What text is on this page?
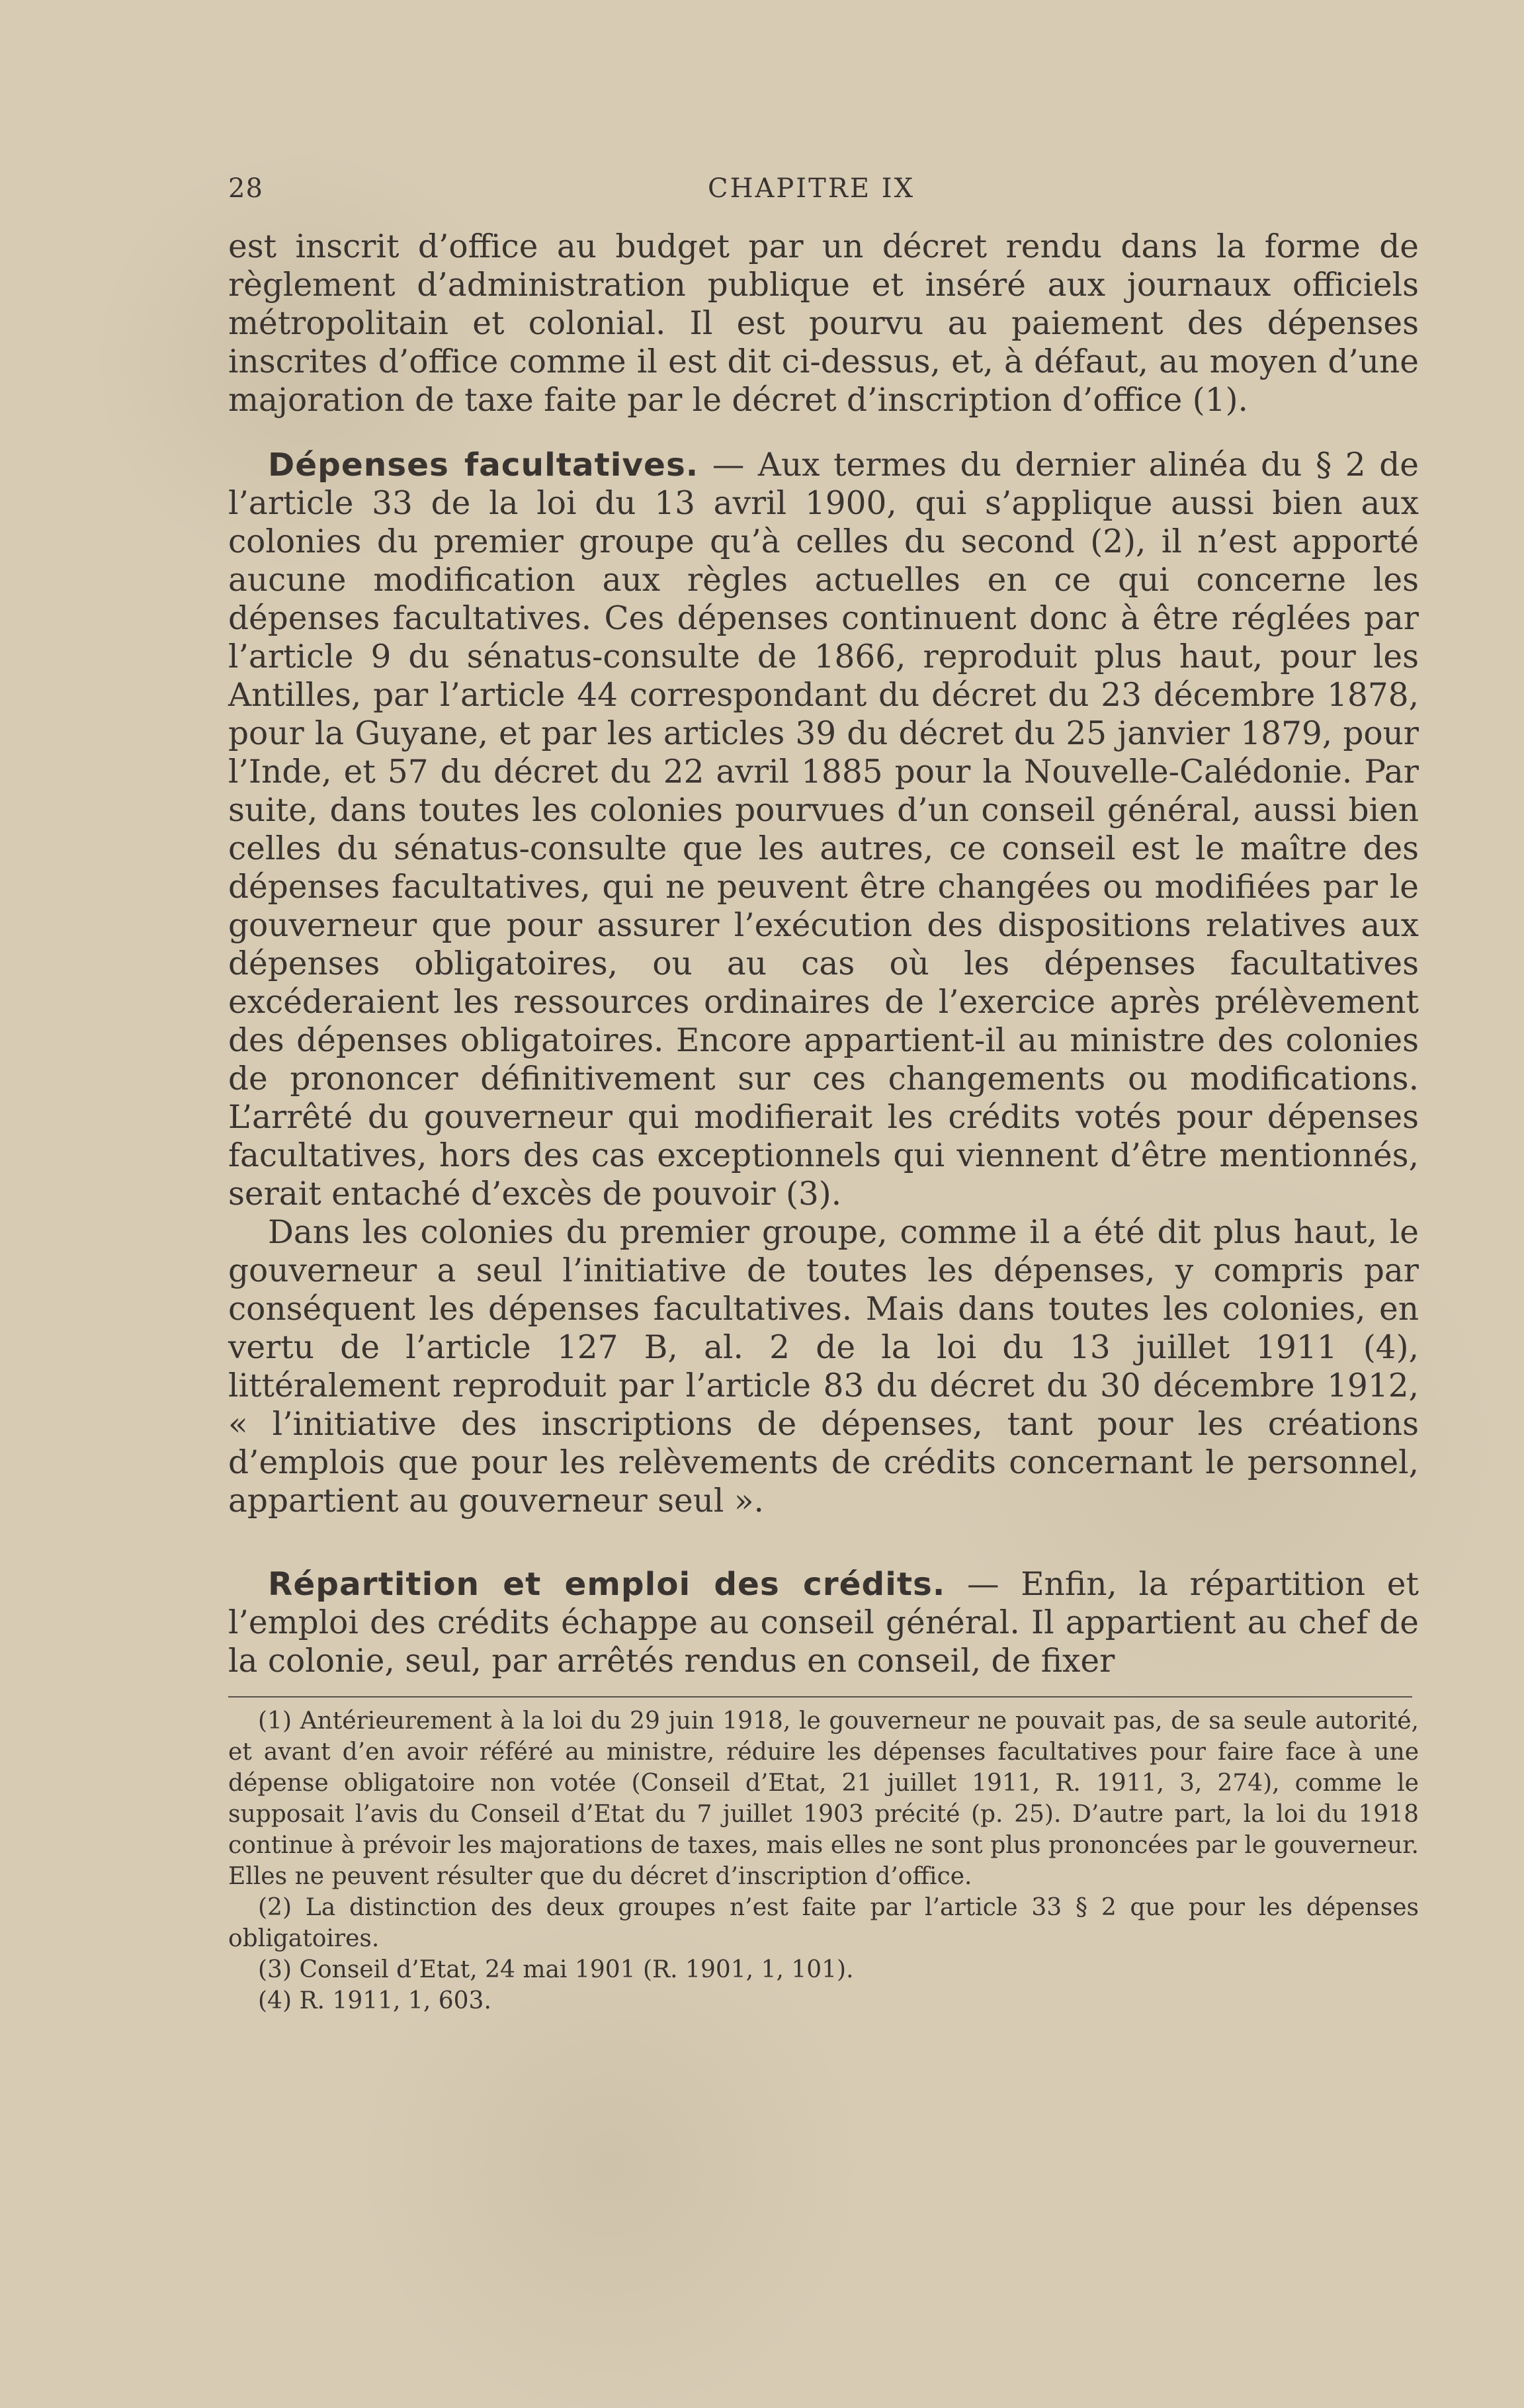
28	CHAPITRE IX

est inscrit d’office au budget par un décret rendu dans la forme de règlement d’administration publique et inséré aux journaux officiels métropolitain et colonial. Il est pourvu au paiement des dépenses inscrites d’office comme il est dit ci-dessus, et, à défaut, au moyen d’une majoration de taxe faite par le décret d’inscription d’office (1).

Dépenses facultatives. — Aux termes du dernier alinéa du § 2 de l’article 33 de la loi du 13 avril 1900, qui s’applique aussi bien aux colonies du premier groupe qu’à celles du second (2), il n’est apporté aucune modification aux règles actuelles en ce qui concerne les dépenses facultatives. Ces dépenses continuent donc à être réglées par l’article 9 du sénatus-consulte de 1866, reproduit plus haut, pour les Antilles, par l’article 44 correspondant du décret du 23 décembre 1878, pour la Guyane, et par les articles 39 du décret du 25 janvier 1879, pour l’Inde, et 57 du décret du 22 avril 1885 pour la Nouvelle-Calédonie. Par suite, dans toutes les colonies pourvues d’un conseil général, aussi bien celles du sénatus-consulte que les autres, ce conseil est le maître des dépenses facultatives, qui ne peuvent être changées ou modifiées par le gouverneur que pour assurer l’exécution des dispositions relatives aux dépenses obligatoires, ou au cas où les dépenses facultatives excéderaient les ressources ordinaires de l’exercice après prélèvement des dépenses obligatoires. Encore appartient-il au ministre des colonies de prononcer définitivement sur ces changements ou modifications. L’arrêté du gouverneur qui modifierait les crédits votés pour dépenses facultatives, hors des cas exceptionnels qui viennent d’être mentionnés, serait entaché d’excès de pouvoir (3).

Dans les colonies du premier groupe, comme il a été dit plus haut, le gouverneur a seul l’initiative de toutes les dépenses, y compris par conséquent les dépenses facultatives. Mais dans toutes les colonies, en vertu de l’article 127 B, al. 2 de la loi du 13 juillet 1911 (4), littéralement reproduit par l’article 83 du décret du 30 décembre 1912, « l’initiative des inscriptions de dépenses, tant pour les créations d’emplois que pour les relèvements de crédits concernant le personnel, appartient au gouverneur seul ».

Répartition et emploi des crédits. — Enfin, la répartition et l’emploi des crédits échappe au conseil général. Il appartient au chef de la colonie, seul, par arrêtés rendus en conseil, de fixer

(1) Antérieurement à la loi du 29 juin 1918, le gouverneur ne pouvait pas, de sa seule autorité, et avant d’en avoir référé au ministre, réduire les dépenses facultatives pour faire face à une dépense obligatoire non votée (Conseil d’Etat, 21 juillet 1911, R. 1911, 3, 274), comme le supposait l’avis du Conseil d’Etat du 7 juillet 1903 précité (p. 25). D’autre part, la loi du 1918 continue à prévoir les majorations de taxes, mais elles ne sont plus prononcées par le gouverneur. Elles ne peuvent résulter que du décret d’inscription d’office.

(2) La distinction des deux groupes n’est faite par l’article 33 § 2 que pour les dépenses obligatoires.

(3) Conseil d’Etat, 24 mai 1901 (R. 1901, 1, 101).

(4) R. 1911, 1, 603.
